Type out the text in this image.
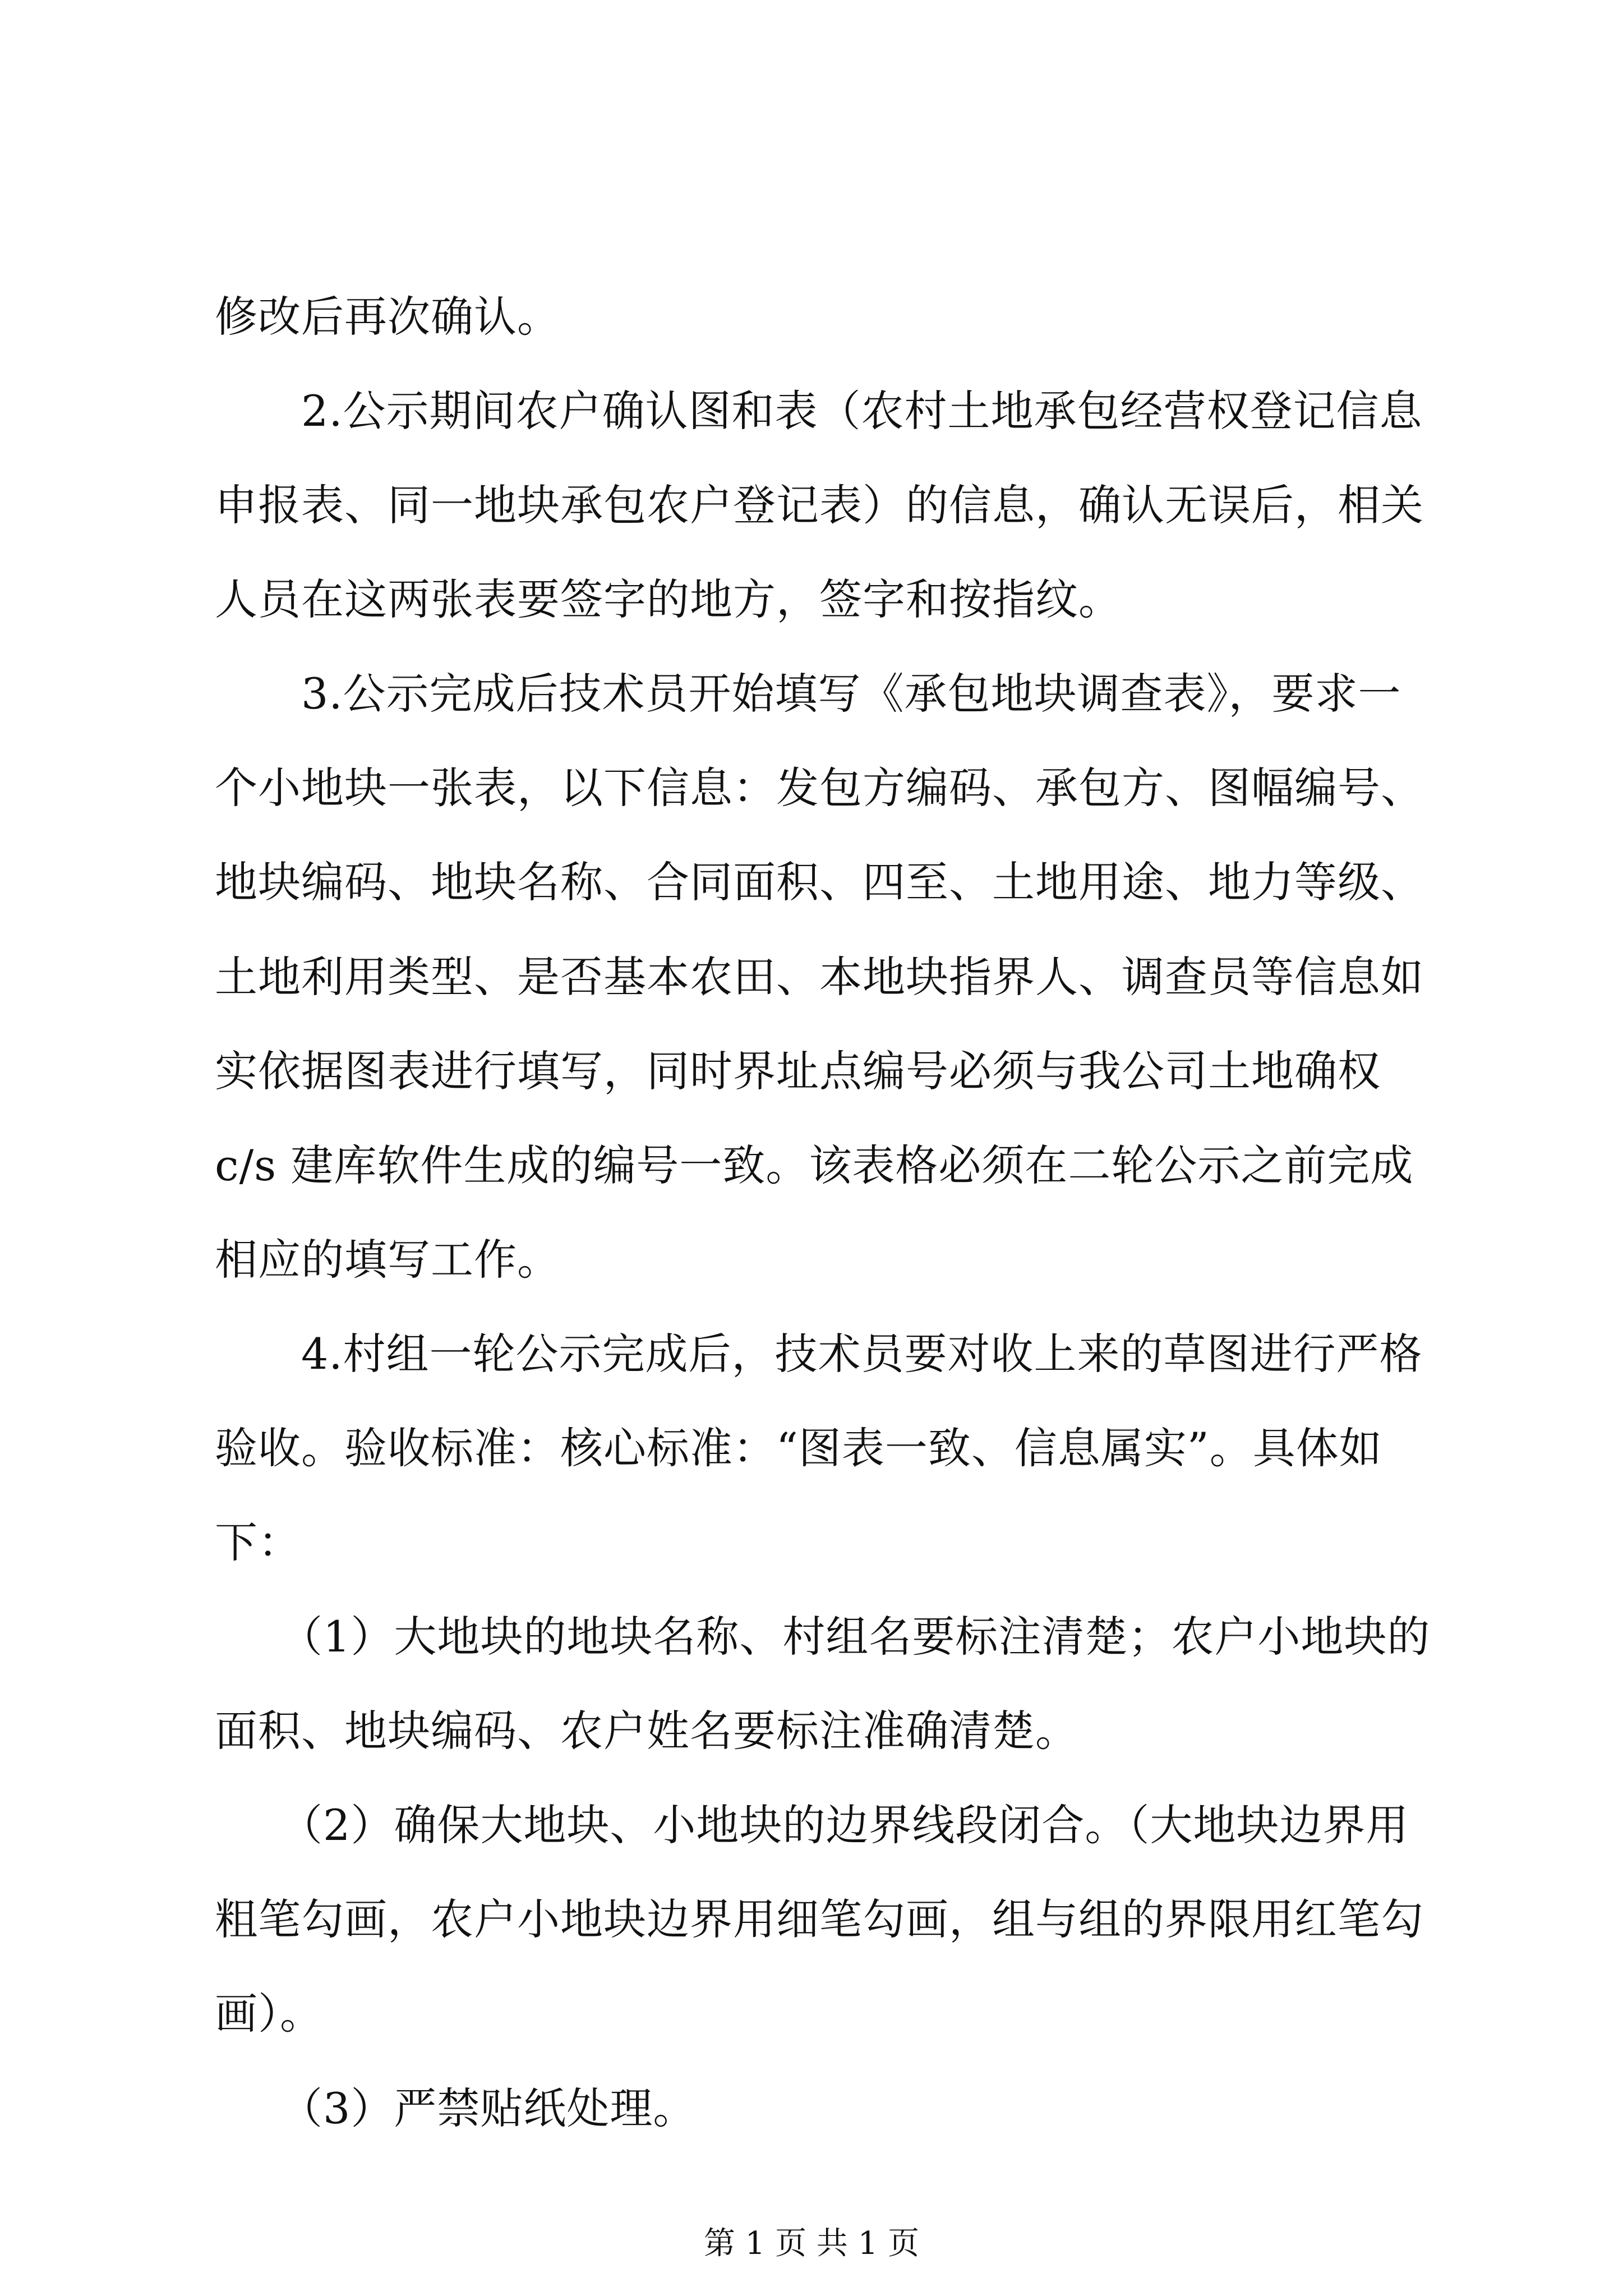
修改后再次确认。

　　2.公示期间农户确认图和表（农村土地承包经营权登记信息

申报表、同一地块承包农户登记表）的信息，确认无误后，相关

人员在这两张表要签字的地方，签字和按指纹。

　　3.公示完成后技术员开始填写《承包地块调查表》，要求一

个小地块一张表，以下信息：发包方编码、承包方、图幅编号、

地块编码、地块名称、合同面积、四至、土地用途、地力等级、

土地利用类型、是否基本农田、本地块指界人、调查员等信息如

实依据图表进行填写，同时界址点编号必须与我公司土地确权

c/s 建库软件生成的编号一致。该表格必须在二轮公示之前完成

相应的填写工作。

　　4.村组一轮公示完成后，技术员要对收上来的草图进行严格

验收。验收标准：核心标准：“图表一致、信息属实”。具体如

下：

　　（1）大地块的地块名称、村组名要标注清楚；农户小地块的

面积、地块编码、农户姓名要标注准确清楚。

　　（2）确保大地块、小地块的边界线段闭合。（大地块边界用

粗笔勾画，农户小地块边界用细笔勾画，组与组的界限用红笔勾

画）。

　　（3）严禁贴纸处理。

第 1 页 共 1 页
